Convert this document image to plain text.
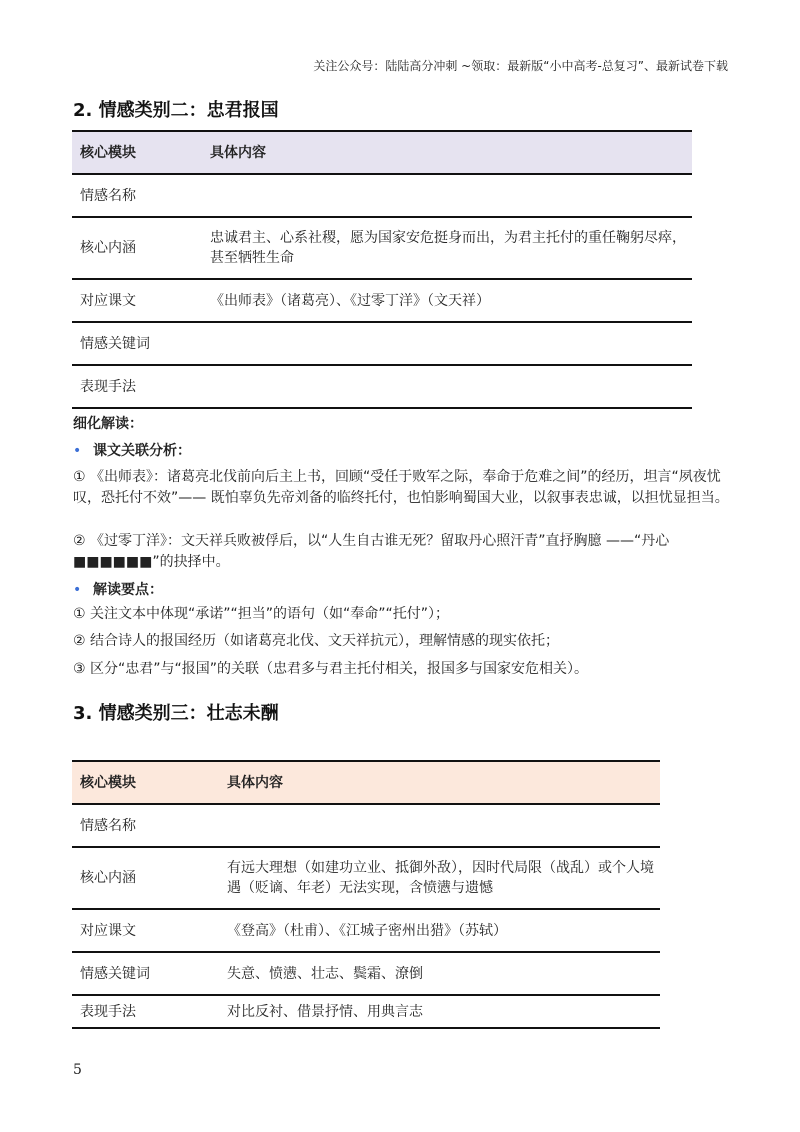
关注公众号：陆陆高分冲刺 ~领取：最新版“小中高考-总复习”、最新试卷下载
2. 情感类别二：忠君报国
核心模块	具体内容
情感名称	
核心内涵	忠诚君主、心系社稷，愿为国家安危挺身而出，为君主托付的重任鞠躬尽瘁，甚至牺牲生命
对应课文	《出师表》（诸葛亮）、《过零丁洋》（文天祥）
情感关键词	
表现手法	
细化解读：
• 课文关联分析：
① 《出师表》：诸葛亮北伐前向后主上书，回顾“受任于败军之际，奉命于危难之间”的经历，坦言“夙夜忧叹，恐托付不效”—— 既怕辜负先帝刘备的临终托付，也怕影响蜀国大业，以叙事表忠诚，以担忧显担当。
② 《过零丁洋》：文天祥兵败被俘后，以“人生自古谁无死？留取丹心照汗青”直抒胸臆 ——“丹心■■■■■■”的抉择中。
• 解读要点：
① 关注文本中体现“承诺”“担当”的语句（如“奉命”“托付”）；
② 结合诗人的报国经历（如诸葛亮北伐、文天祥抗元），理解情感的现实依托；
③ 区分“忠君”与“报国”的关联（忠君多与君主托付相关，报国多与国家安危相关）。
3. 情感类别三：壮志未酬
核心模块	具体内容
情感名称	
核心内涵	有远大理想（如建功立业、抵御外敌），因时代局限（战乱）或个人境遇（贬谪、年老）无法实现，含愤懑与遗憾
对应课文	《登高》（杜甫）、《江城子密州出猎》（苏轼）
情感关键词	失意、愤懑、壮志、鬓霜、潦倒
表现手法	对比反衬、借景抒情、用典言志
5
